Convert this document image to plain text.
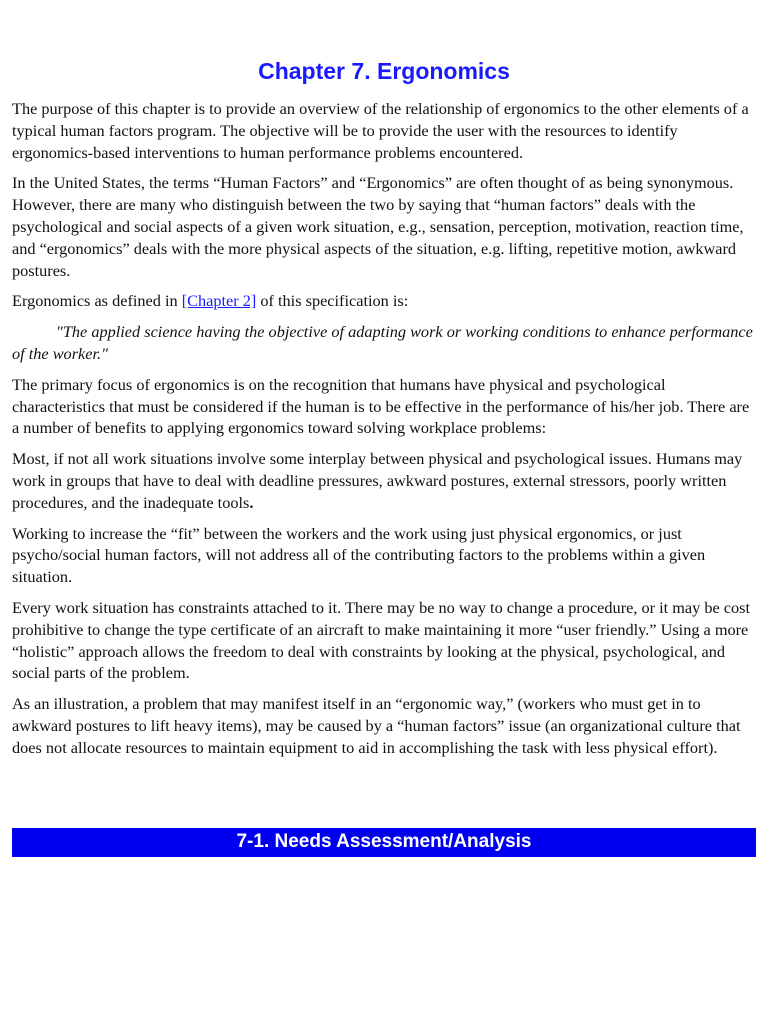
Chapter 7. Ergonomics

The purpose of this chapter is to provide an overview of the relationship of ergonomics to the other elements of a typical human factors program. The objective will be to provide the user with the resources to identify ergonomics-based interventions to human performance problems encountered.

In the United States, the terms “Human Factors” and “Ergonomics” are often thought of as being synonymous. However, there are many who distinguish between the two by saying that “human factors” deals with the psychological and social aspects of a given work situation, e.g., sensation, perception, motivation, reaction time, and “ergonomics” deals with the more physical aspects of the situation, e.g. lifting, repetitive motion, awkward postures.

Ergonomics as defined in [Chapter 2] of this specification is:

"The applied science having the objective of adapting work or working conditions to enhance performance of the worker."

The primary focus of ergonomics is on the recognition that humans have physical and psychological characteristics that must be considered if the human is to be effective in the performance of his/her job. There are a number of benefits to applying ergonomics toward solving workplace problems:

Most, if not all work situations involve some interplay between physical and psychological issues. Humans may work in groups that have to deal with deadline pressures, awkward postures, external stressors, poorly written procedures, and the inadequate tools.

Working to increase the “fit” between the workers and the work using just physical ergonomics, or just psycho/social human factors, will not address all of the contributing factors to the problems within a given situation.

Every work situation has constraints attached to it. There may be no way to change a procedure, or it may be cost prohibitive to change the type certificate of an aircraft to make maintaining it more “user friendly.” Using a more “holistic” approach allows the freedom to deal with constraints by looking at the physical, psychological, and social parts of the problem.

As an illustration, a problem that may manifest itself in an “ergonomic way,” (workers who must get in to awkward postures to lift heavy items), may be caused by a “human factors” issue (an organizational culture that does not allocate resources to maintain equipment to aid in accomplishing the task with less physical effort).

7-1. Needs Assessment/Analysis
